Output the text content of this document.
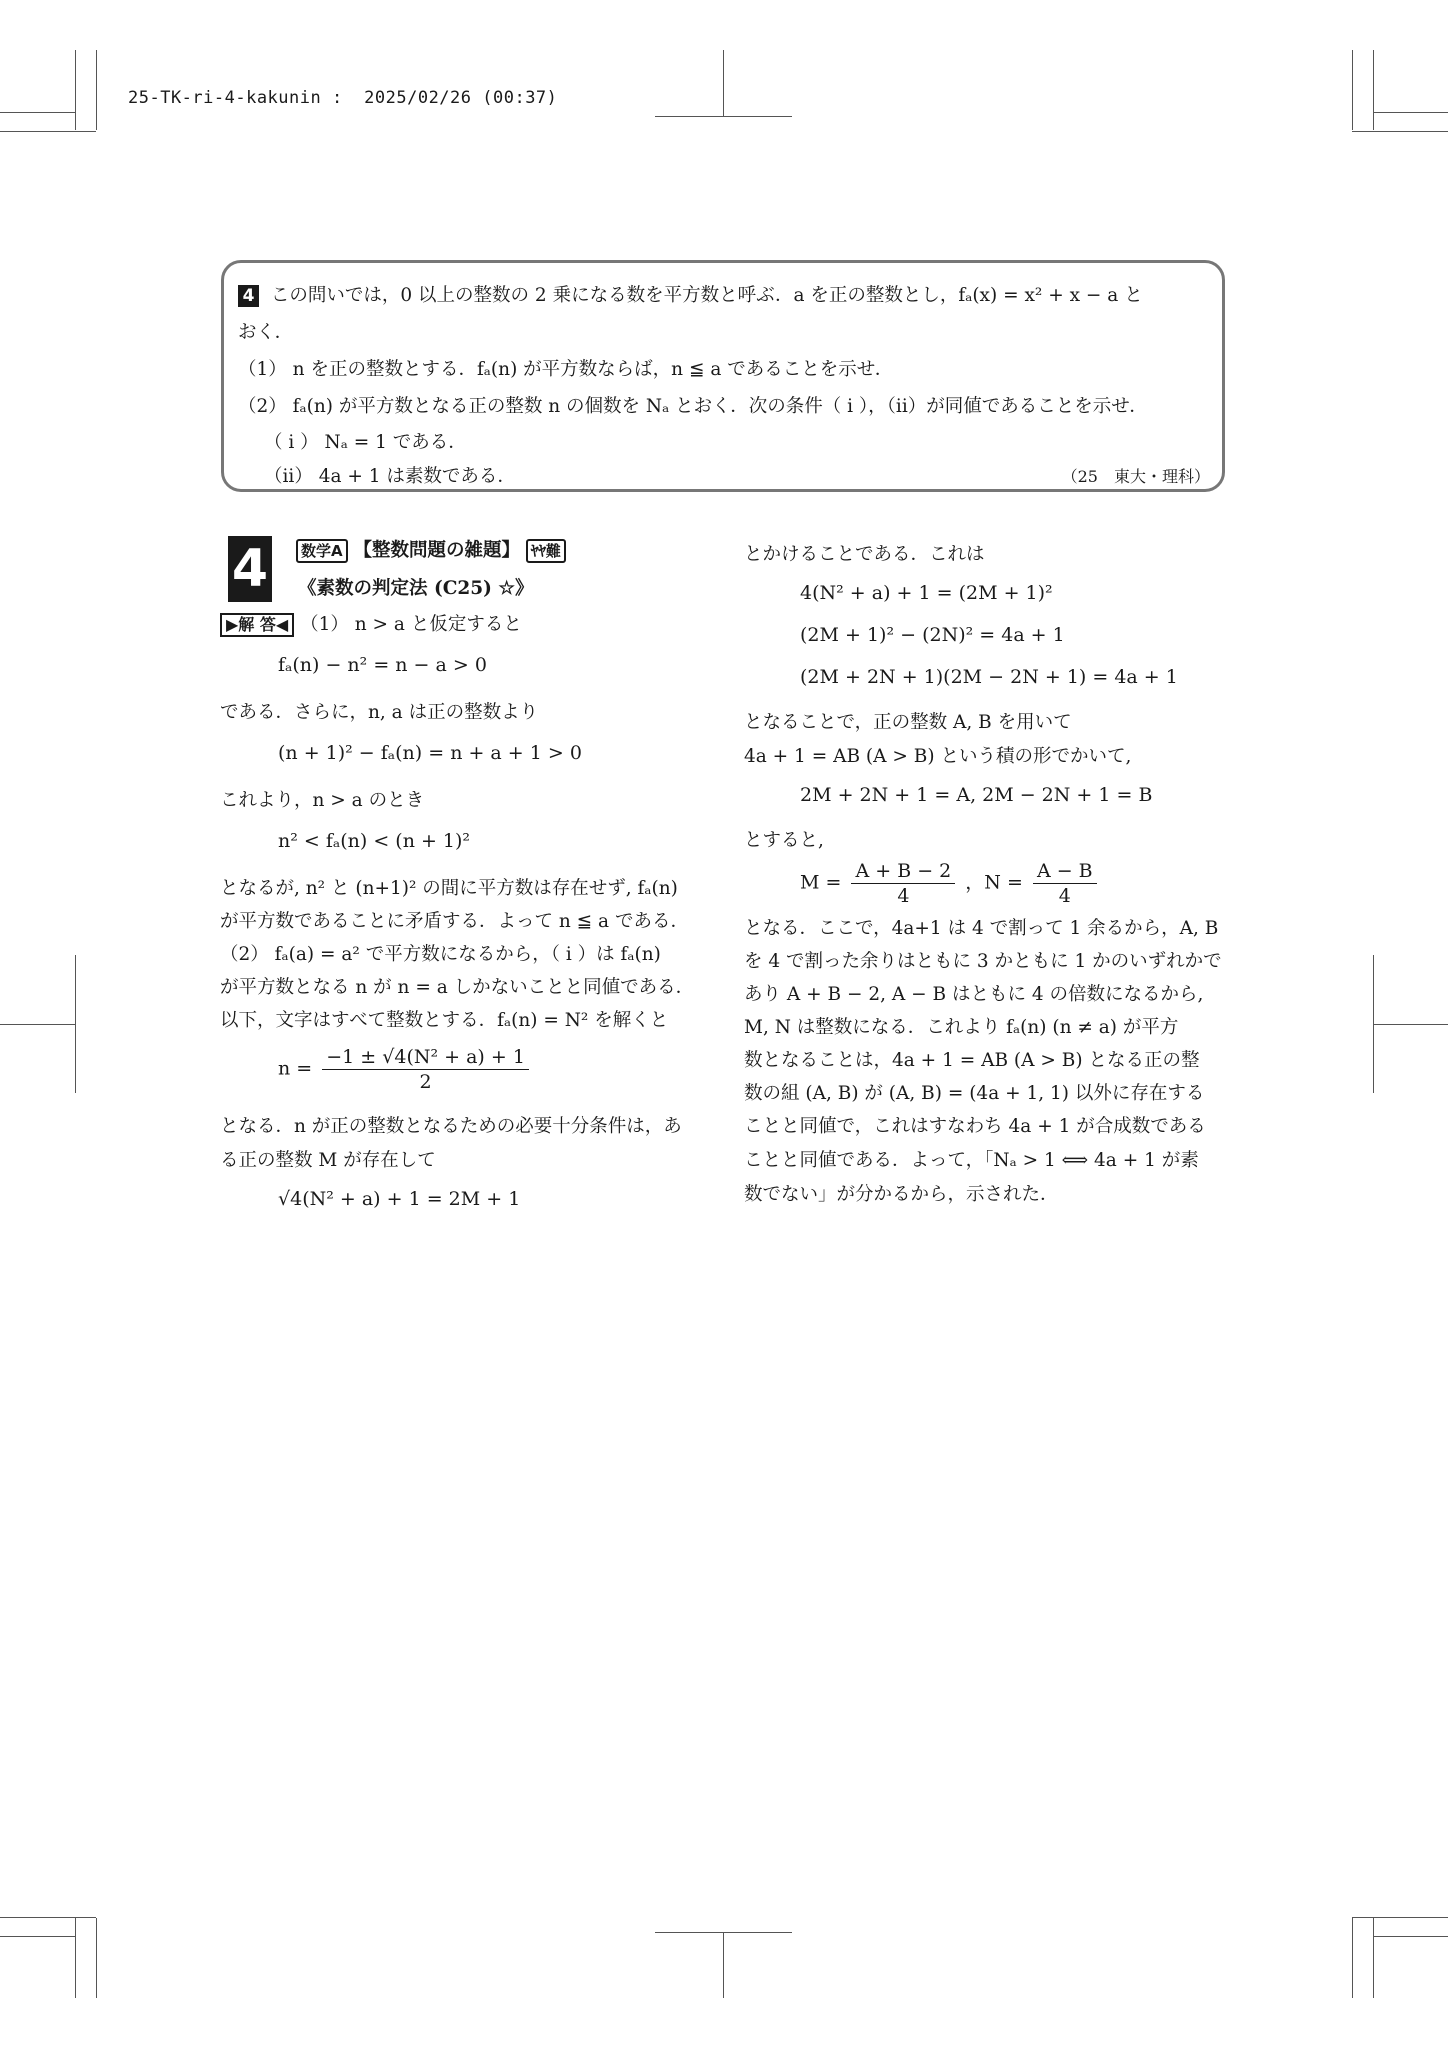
25-TK-ri-4-kakunin :  2025/02/26 (00:37)
4 この問いでは，0 以上の整数の 2 乗になる数を平方数と呼ぶ．a を正の整数とし，fₐ(x) = x² + x − a と
おく．
（1） n を正の整数とする．fₐ(n) が平方数ならば，n ≦ a であることを示せ．
（2） fₐ(n) が平方数となる正の整数 n の個数を Nₐ とおく．次の条件（ i ），（ii）が同値であることを示せ．
（ i ） Nₐ = 1 である．
（ii） 4a + 1 は素数である．	（25　東大・理科）
4	数学A 【整数問題の雑題】 ﾔﾔ難
《素数の判定法 (C25) ☆》
▶解 答◀ （1） n > a と仮定すると
fₐ(n) − n² = n − a > 0
である．さらに，n, a は正の整数より
(n + 1)² − fₐ(n) = n + a + 1 > 0
これより，n > a のとき
n² < fₐ(n) < (n + 1)²
となるが, n² と (n+1)² の間に平方数は存在せず, fₐ(n)
が平方数であることに矛盾する．よって n ≦ a である．
（2） fₐ(a) = a² で平方数になるから，（ i ）は fₐ(n)
が平方数となる n が n = a しかないことと同値である．
以下，文字はすべて整数とする．fₐ(n) = N² を解くと
$n = \frac{\text{−1 ± √4(N² + a) + 1}}{2}$
となる．n が正の整数となるための必要十分条件は，あ
る正の整数 M が存在して
√4(N² + a) + 1 = 2M + 1
とかけることである．これは
4(N² + a) + 1 = (2M + 1)²
(2M + 1)² − (2N)² = 4a + 1
(2M + 2N + 1)(2M − 2N + 1) = 4a + 1
となることで，正の整数 A, B を用いて
4a + 1 = AB (A > B) という積の形でかいて,
2M + 2N + 1 = A, 2M − 2N + 1 = B
とすると,
$M = \frac{A + B - 2}{4}$ ，$N = \frac{A - B}{4}$
となる．ここで，4a+1 は 4 で割って 1 余るから，A, B
を 4 で割った余りはともに 3 かともに 1 かのいずれかで
あり A + B − 2, A − B はともに 4 の倍数になるから,
M, N は整数になる．これより fₐ(n) (n ≠ a) が平方
数となることは，4a + 1 = AB (A > B) となる正の整
数の組 (A, B) が (A, B) = (4a + 1, 1) 以外に存在する
ことと同値で，これはすなわち 4a + 1 が合成数である
ことと同値である．よって，「Nₐ > 1 ⟺ 4a + 1 が素
数でない」が分かるから，示された．
